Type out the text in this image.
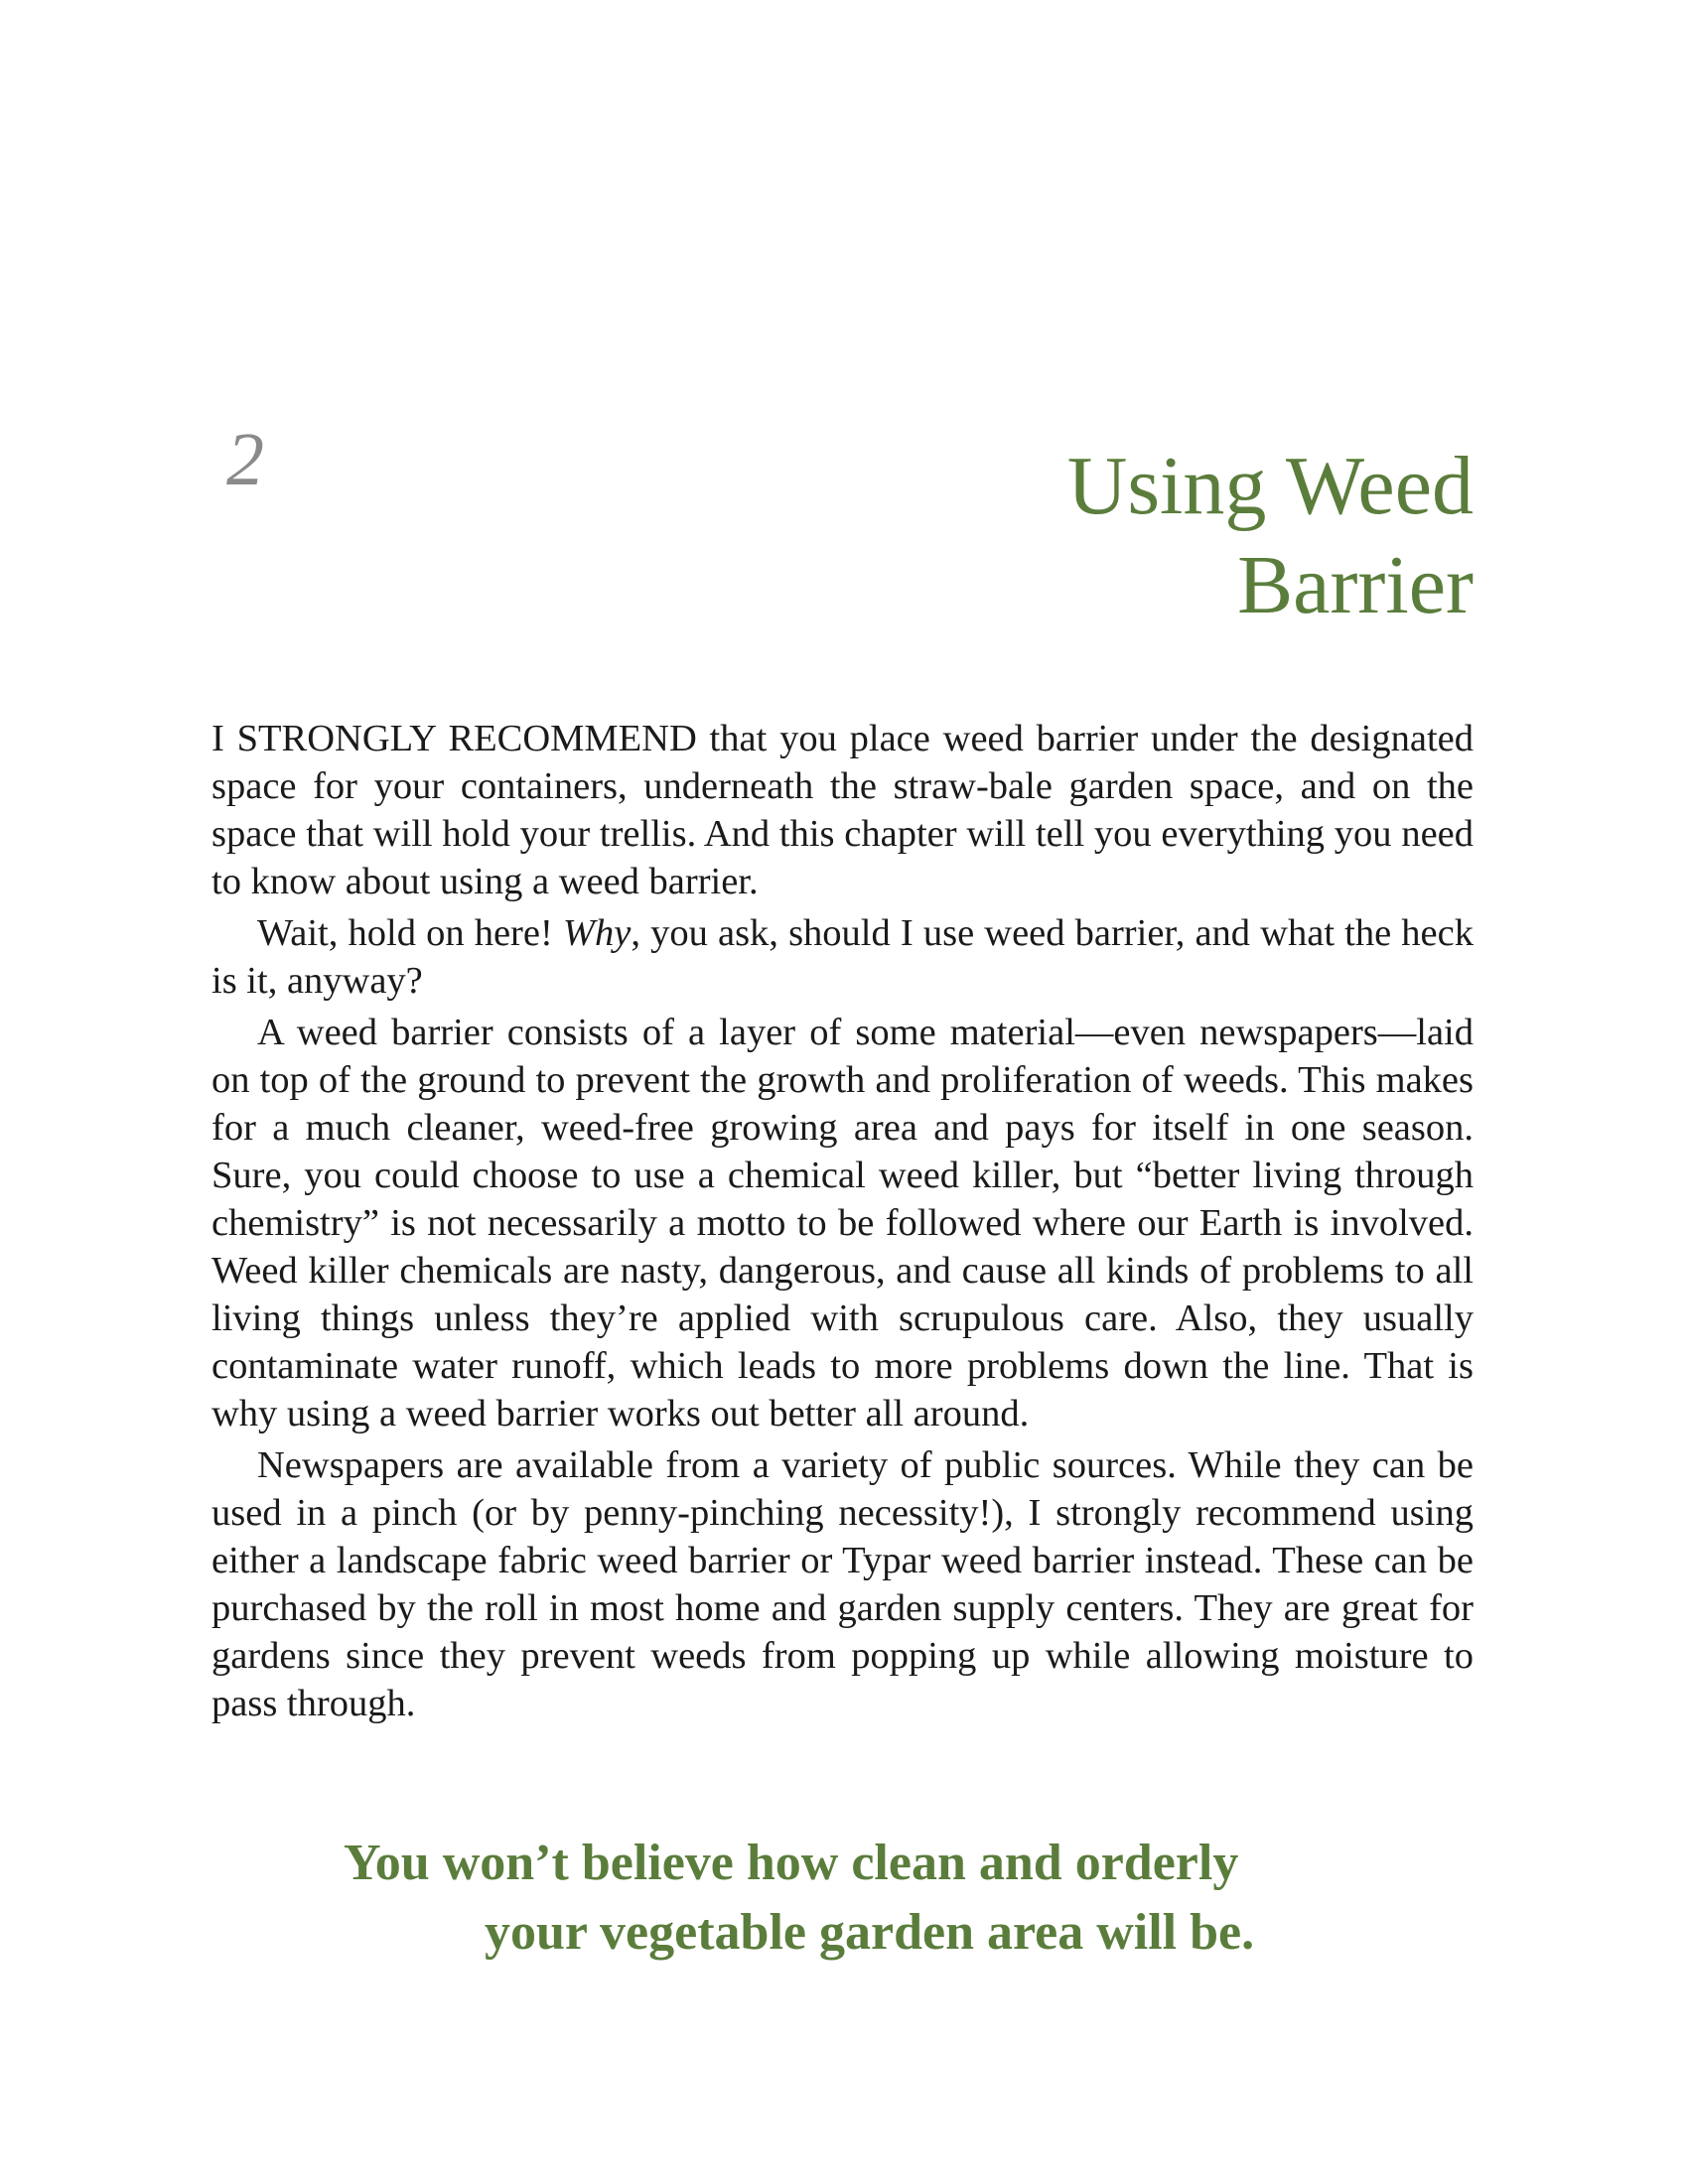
2	Using Weed
Barrier

I STRONGLY RECOMMEND that you place weed barrier under the designated space for your containers, underneath the straw-bale garden space, and on the space that will hold your trellis. And this chapter will tell you everything you need to know about using a weed barrier.

Wait, hold on here! Why, you ask, should I use weed barrier, and what the heck is it, anyway?

A weed barrier consists of a layer of some material—even newspapers—laid on top of the ground to prevent the growth and proliferation of weeds. This makes for a much cleaner, weed-free growing area and pays for itself in one season. Sure, you could choose to use a chemical weed killer, but “better living through chemistry” is not necessarily a motto to be followed where our Earth is involved. Weed killer chemicals are nasty, dangerous, and cause all kinds of problems to all living things unless they’re applied with scrupulous care. Also, they usually contaminate water runoff, which leads to more problems down the line. That is why using a weed barrier works out better all around.

Newspapers are available from a variety of public sources. While they can be used in a pinch (or by penny-pinching necessity!), I strongly recommend using either a landscape fabric weed barrier or Typar weed barrier instead. These can be purchased by the roll in most home and garden supply centers. They are great for gardens since they prevent weeds from popping up while allowing moisture to pass through.

You won’t believe how clean and orderly
your vegetable garden area will be.
